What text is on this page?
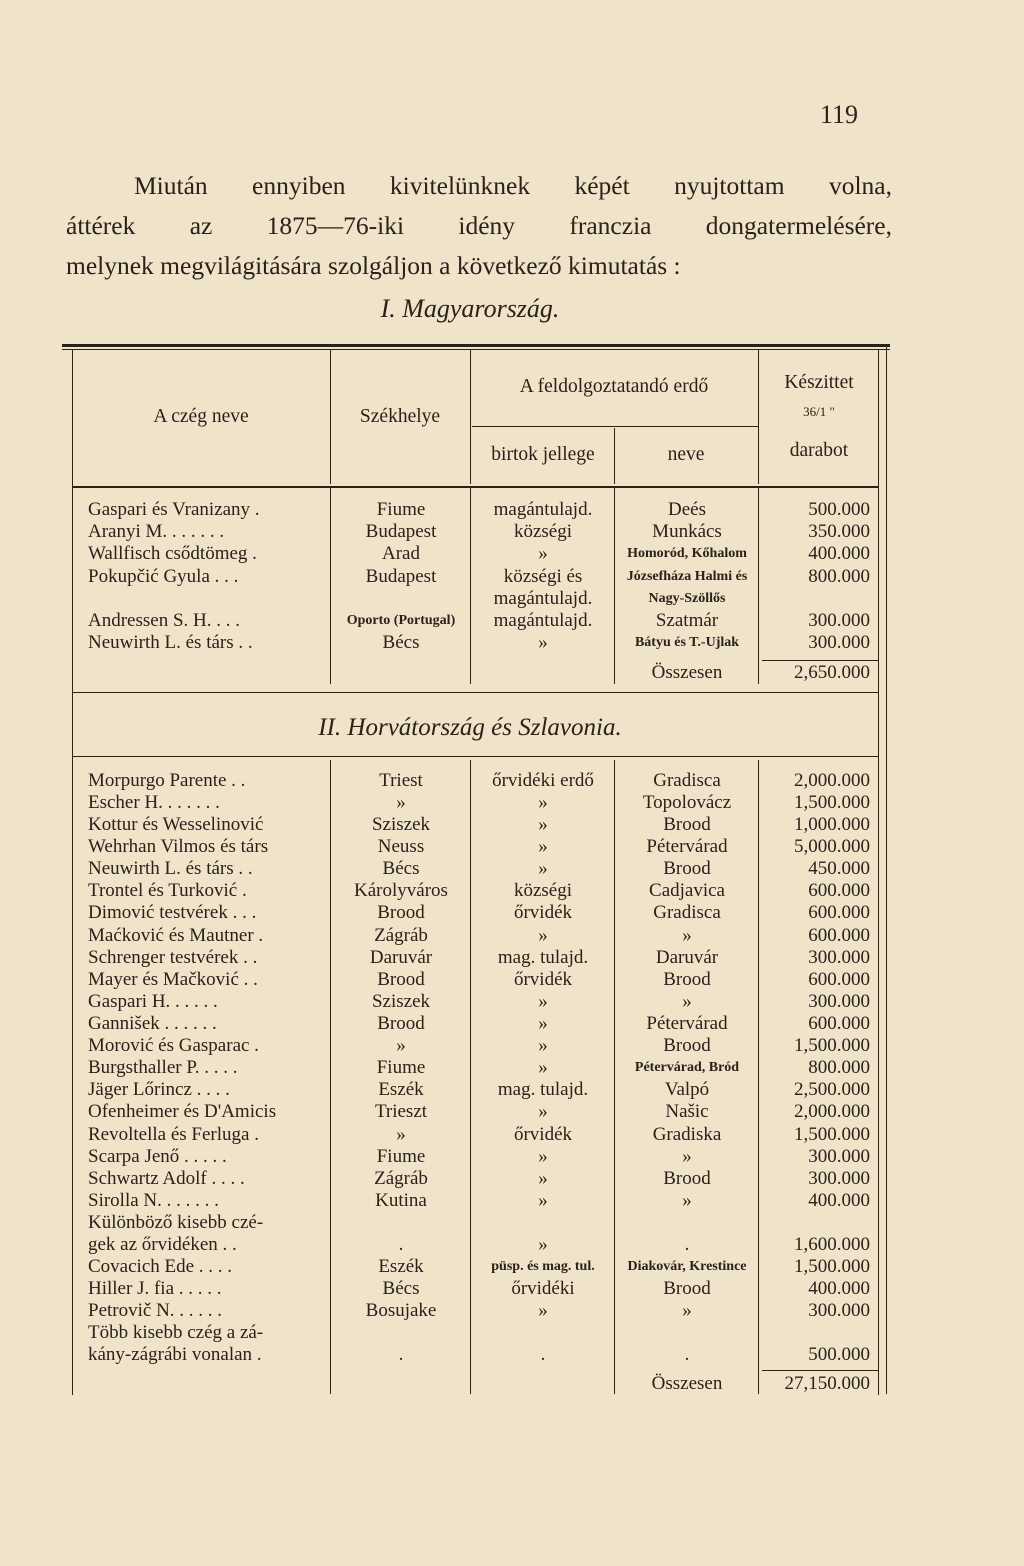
119
Miután ennyiben kivitelünknek képét nyujtottam volna,
áttérek az 1875—76-iki idény franczia dongatermelésére,
melynek megvilágitására szolgáljon a következő kimutatás :
I. Magyarország.
A czég neve	Székhelye
A feldolgoztatandó erdő
birtok jellege	neve
Készittet
36/1 "
darabot
Gaspari és Vranizany .	Fiume	magántulajd.	Deés	500.000
Aranyi M. . . . . . .	Budapest	községi	Munkács	350.000
Wallfisch csődtömeg .	Arad	»	Homoród, Kőhalom	400.000
Pokupčić Gyula . . .	Budapest	községi és	Józsefháza Halmi és	800.000
magántulajd.	Nagy-Szöllős
Andressen S. H. . . .	Oporto (Portugal)	magántulajd.	Szatmár	300.000
Neuwirth L. és társ . .	Bécs	»	Bátyu és T.-Ujlak	300.000
Összesen	2,650.000
II. Horvátország és Szlavonia.
Morpurgo Parente . .	Triest	őrvidéki erdő	Gradisca	2,000.000
Escher H. . . . . . .	»	»	Topolovácz	1,500.000
Kottur és Wesselinović	Sziszek	»	Brood	1,000.000
Wehrhan Vilmos és társ	Neuss	»	Pétervárad	5,000.000
Neuwirth L. és társ . .	Bécs	»	Brood	450.000
Trontel és Turković .	Károlyváros	községi	Cadjavica	600.000
Dimović testvérek . . .	Brood	őrvidék	Gradisca	600.000
Maćković és Mautner .	Zágráb	»	»	600.000
Schrenger testvérek . .	Daruvár	mag. tulajd.	Daruvár	300.000
Mayer és Mačković . .	Brood	őrvidék	Brood	600.000
Gaspari H. . . . . .	Sziszek	»	»	300.000
Gannišek . . . . . .	Brood	»	Pétervárad	600.000
Morović és Gasparac .	»	»	Brood	1,500.000
Burgsthaller P. . . . .	Fiume	»	Pétervárad, Bród	800.000
Jäger Lőrincz . . . .	Eszék	mag. tulajd.	Valpó	2,500.000
Ofenheimer és D'Amicis	Trieszt	»	Našic	2,000.000
Revoltella és Ferluga .	»	őrvidék	Gradiska	1,500.000
Scarpa Jenő . . . . .	Fiume	»	»	300.000
Schwartz Adolf . . . .	Zágráb	»	Brood	300.000
Sirolla N. . . . . . .	Kutina	»	»	400.000
Különböző kisebb czé-
gek az őrvidéken . .	.	»	.	1,600.000
Covacich Ede . . . .	Eszék	püsp. és mag. tul.	Diakovár, Krestince	1,500.000
Hiller J. fia . . . . .	Bécs	őrvidéki	Brood	400.000
Petrovič N. . . . . .	Bosujake	»	»	300.000
Több kisebb czég a zá-
kány-zágrábi vonalan .	.	.	.	500.000
Összesen	27,150.000
